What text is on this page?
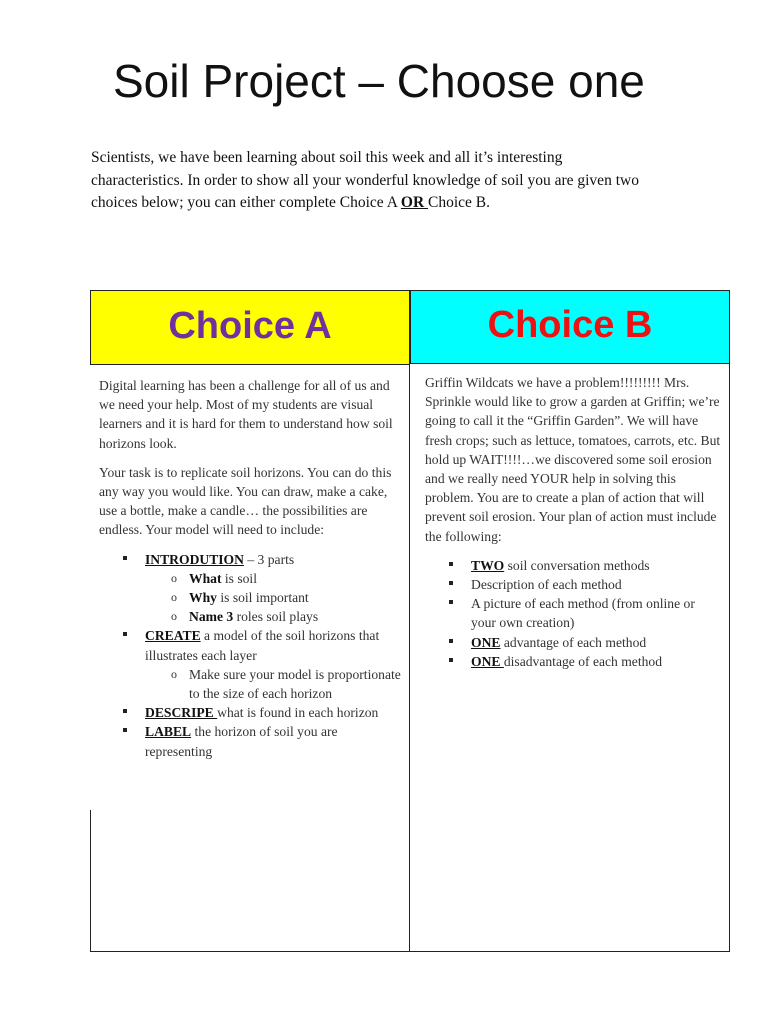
Soil Project – Choose one
Scientists, we have been learning about soil this week and all it’s interesting characteristics. In order to show all your wonderful knowledge of soil you are given two choices below; you can either complete Choice A OR Choice B.
Choice A	Choice B

Digital learning has been a challenge for all of us and we need your help. Most of my students are visual learners and it is hard for them to understand how soil horizons look.

Your task is to replicate soil horizons. You can do this any way you would like. You can draw, make a cake, use a bottle, make a candle… the possibilities are endless. Your model will need to include:

INTRODUTION – 3 parts
o What is soil
o Why is soil important
o Name 3 roles soil plays
CREATE a model of the soil horizons that illustrates each layer
o Make sure your model is proportionate to the size of each horizon
DESCRIPE what is found in each horizon
LABEL the horizon of soil you are representing

Griffin Wildcats we have a problem!!!!!!!!! Mrs. Sprinkle would like to grow a garden at Griffin; we’re going to call it the “Griffin Garden”. We will have fresh crops; such as lettuce, tomatoes, carrots, etc. But hold up WAIT!!!!…we discovered some soil erosion and we really need YOUR help in solving this problem. You are to create a plan of action that will prevent soil erosion. Your plan of action must include the following:

TWO soil conversation methods
Description of each method
A picture of each method (from online or your own creation)
ONE advantage of each method
ONE disadvantage of each method
